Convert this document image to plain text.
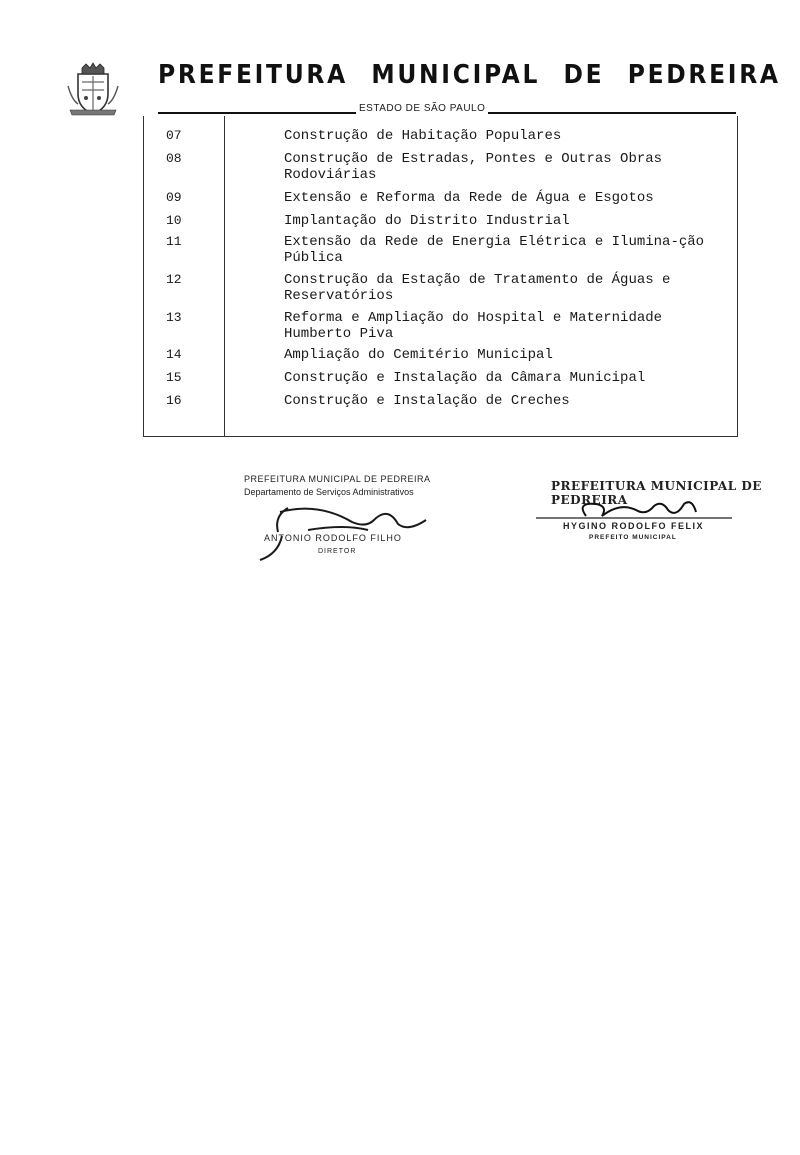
PREFEITURA MUNICIPAL DE PEDREIRA
ESTADO DE SÃO PAULO
07	Construção de Habitação Populares
08	Construção de Estradas, Pontes e Outras Obras Rodoviárias
09	Extensão e Reforma da Rede de Água e Esgotos
10	Implantação do Distrito Industrial
11	Extensão da Rede de Energia Elétrica e Ilumina-ção Pública
12	Construção da Estação de Tratamento de Águas e Reservatórios
13	Reforma e Ampliação do Hospital e Maternidade Humberto Piva
14	Ampliação do Cemitério Municipal
15	Construção e Instalação da Câmara Municipal
16	Construção e Instalação de Creches
PREFEITURA MUNICIPAL DE PEDREIRA
Departamento de Serviços Administrativos
ANTONIO RODOLFO FILHO
DIRETOR
PREFEITURA MUNICIPAL DE PEDREIRA
HYGINO RODOLFO FELIX
PREFEITO MUNICIPAL
